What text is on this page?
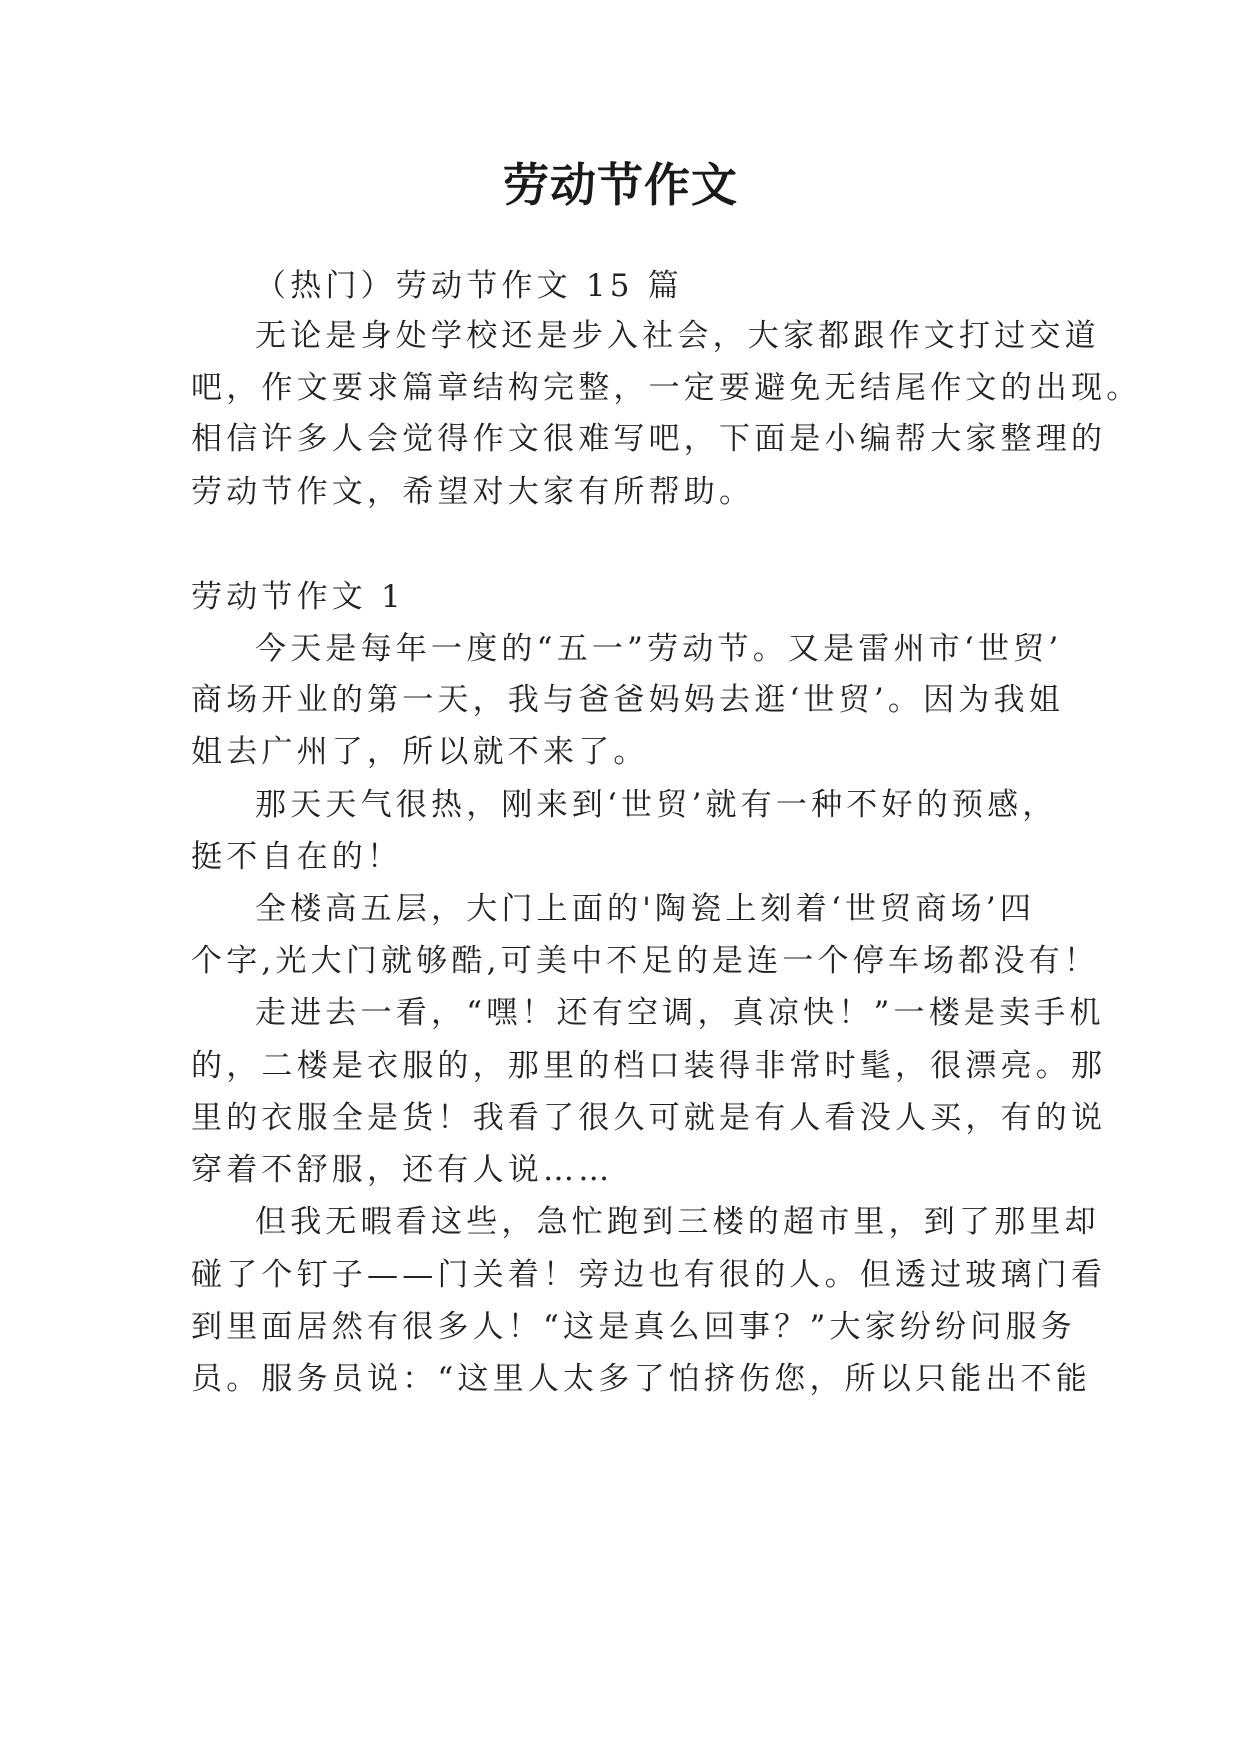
劳动节作文
（热门）劳动节作文 15 篇
无论是身处学校还是步入社会，大家都跟作文打过交道
吧，作文要求篇章结构完整，一定要避免无结尾作文的出现。
相信许多人会觉得作文很难写吧，下面是小编帮大家整理的
劳动节作文，希望对大家有所帮助。
劳动节作文 1
今天是每年一度的“五一”劳动节。又是雷州市‘世贸’
商场开业的第一天，我与爸爸妈妈去逛‘世贸’。因为我姐
姐去广州了，所以就不来了。
那天天气很热，刚来到‘世贸’就有一种不好的预感，
挺不自在的！
全楼高五层，大门上面的'陶瓷上刻着‘世贸商场’四
个字,光大门就够酷,可美中不足的是连一个停车场都没有！
走进去一看，“嘿！还有空调，真凉快！”一楼是卖手机
的，二楼是衣服的，那里的档口装得非常时髦，很漂亮。那
里的衣服全是货！我看了很久可就是有人看没人买，有的说
穿着不舒服，还有人说……
但我无暇看这些，急忙跑到三楼的超市里，到了那里却
碰了个钉子——门关着！旁边也有很的人。但透过玻璃门看
到里面居然有很多人！“这是真么回事？”大家纷纷问服务
员。服务员说：“这里人太多了怕挤伤您，所以只能出不能
